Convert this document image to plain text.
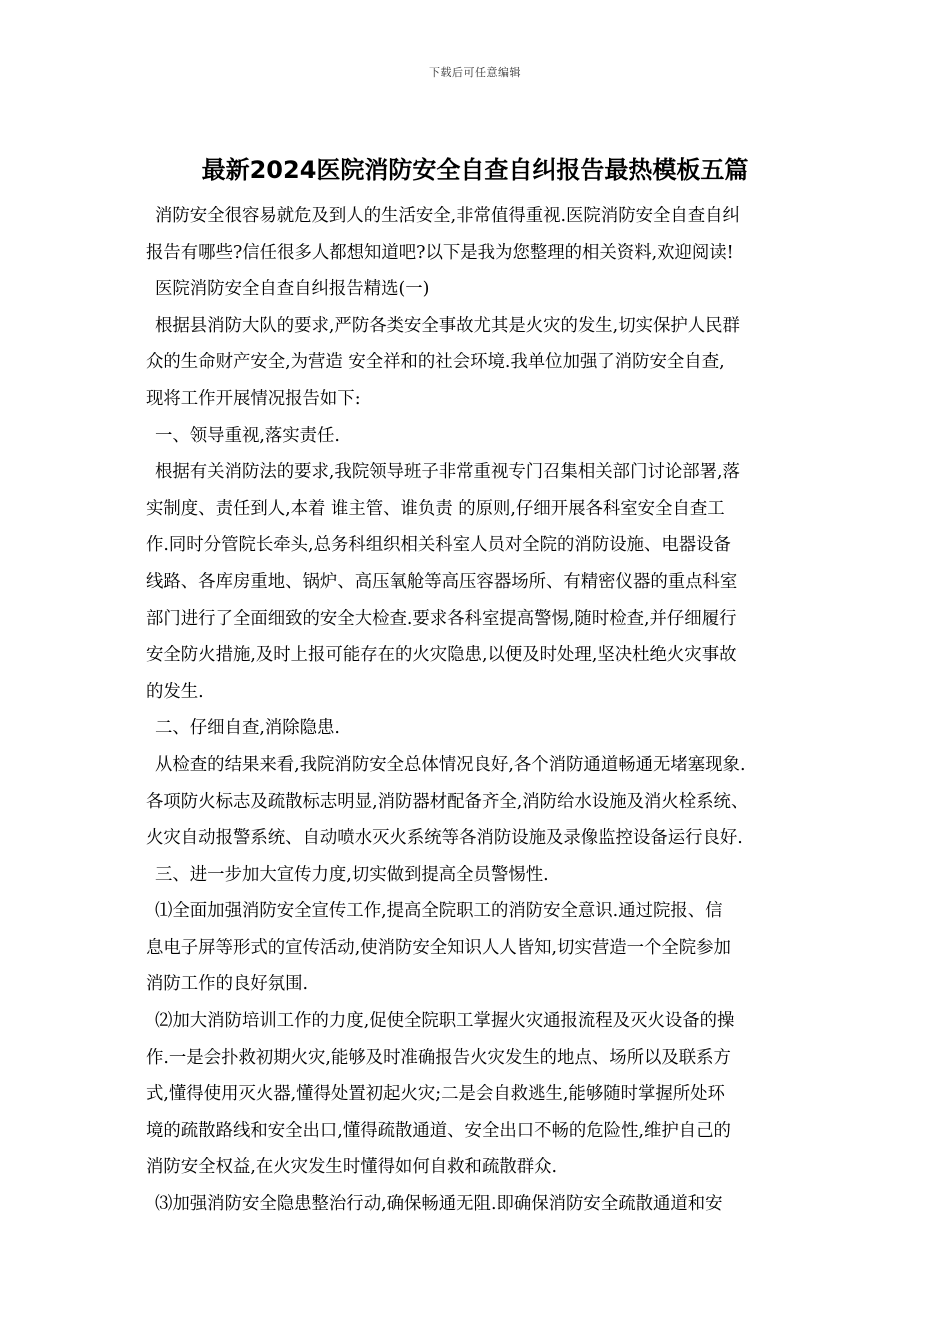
下载后可任意编辑
最新2024医院消防安全自查自纠报告最热模板五篇
消防安全很容易就危及到人的生活安全,非常值得重视.医院消防安全自查自纠
报告有哪些?信任很多人都想知道吧?以下是我为您整理的相关资料,欢迎阅读!
医院消防安全自查自纠报告精选(一)
根据县消防大队的要求,严防各类安全事故尤其是火灾的发生,切实保护人民群
众的生命财产安全,为营造 安全祥和的社会环境.我单位加强了消防安全自查,
现将工作开展情况报告如下:
一、领导重视,落实责任.
根据有关消防法的要求,我院领导班子非常重视专门召集相关部门讨论部署,落
实制度、责任到人,本着 谁主管、谁负责 的原则,仔细开展各科室安全自查工
作.同时分管院长牵头,总务科组织相关科室人员对全院的消防设施、电器设备
线路、各库房重地、锅炉、高压氧舱等高压容器场所、有精密仪器的重点科室
部门进行了全面细致的安全大检查.要求各科室提高警惕,随时检查,并仔细履行
安全防火措施,及时上报可能存在的火灾隐患,以便及时处理,坚决杜绝火灾事故
的发生.
二、仔细自查,消除隐患.
从检查的结果来看,我院消防安全总体情况良好,各个消防通道畅通无堵塞现象.
各项防火标志及疏散标志明显,消防器材配备齐全,消防给水设施及消火栓系统、
火灾自动报警系统、自动喷水灭火系统等各消防设施及录像监控设备运行良好.
三、进一步加大宣传力度,切实做到提高全员警惕性.
⑴全面加强消防安全宣传工作,提高全院职工的消防安全意识.通过院报、信
息电子屏等形式的宣传活动,使消防安全知识人人皆知,切实营造一个全院参加
消防工作的良好氛围.
⑵加大消防培训工作的力度,促使全院职工掌握火灾通报流程及灭火设备的操
作.一是会扑救初期火灾,能够及时准确报告火灾发生的地点、场所以及联系方
式,懂得使用灭火器,懂得处置初起火灾;二是会自救逃生,能够随时掌握所处环
境的疏散路线和安全出口,懂得疏散通道、安全出口不畅的危险性,维护自己的
消防安全权益,在火灾发生时懂得如何自救和疏散群众.
⑶加强消防安全隐患整治行动,确保畅通无阻.即确保消防安全疏散通道和安
